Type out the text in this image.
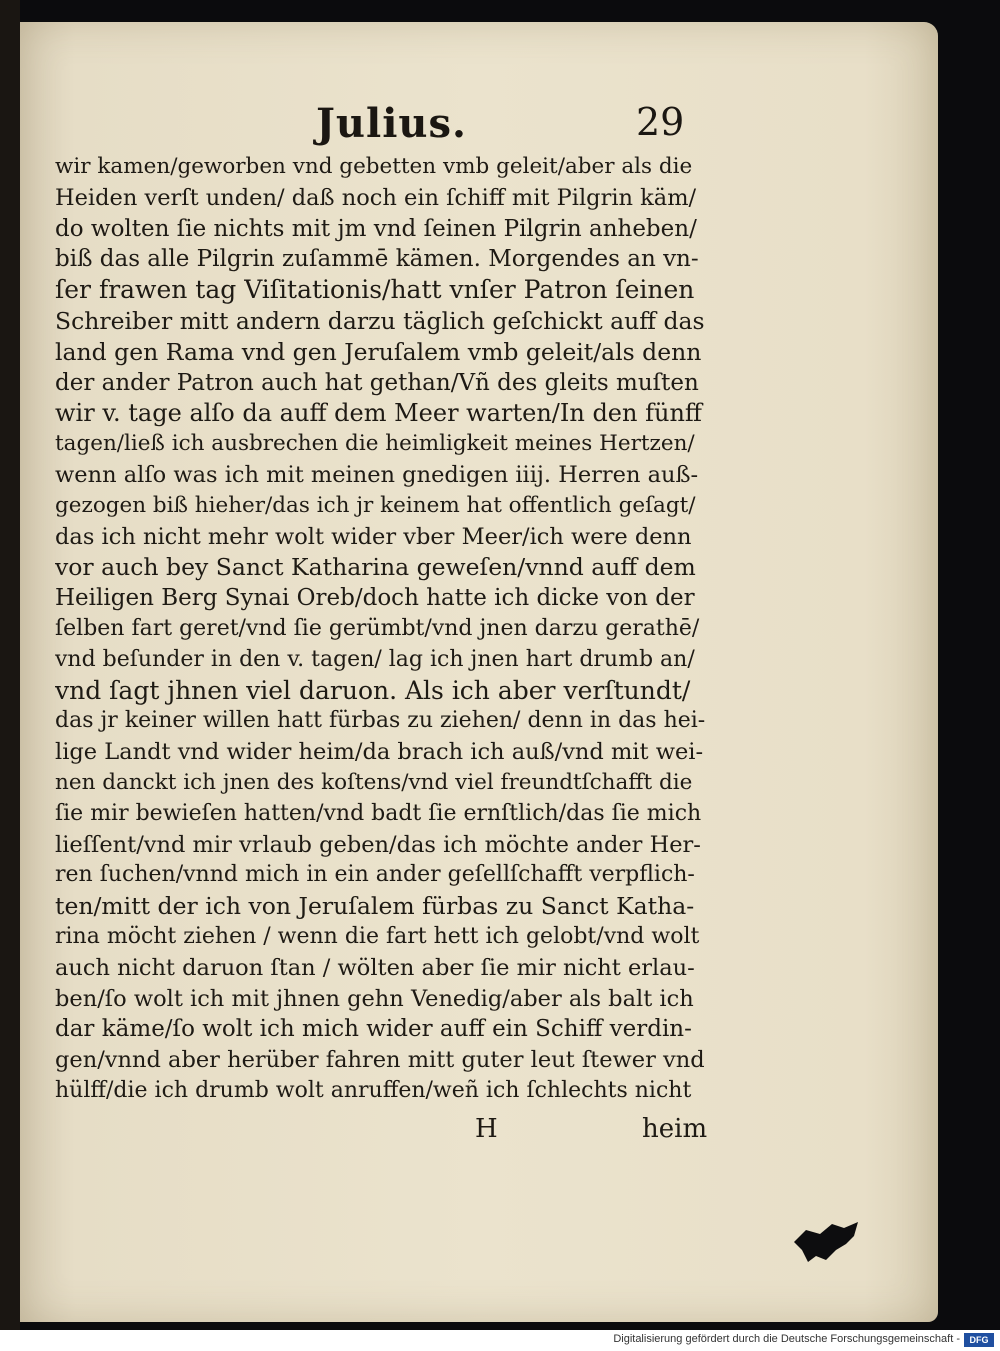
Julius.	29
wir kamen/geworben vnd gebetten vmb geleit/aber als die
Heiden verſt unden/ daß noch ein ſchiff mit Pilgrin käm/
do wolten ſie nichts mit jm vnd ſeinen Pilgrin anheben/
biß das alle Pilgrin zuſammē kämen. Morgendes an vn-
ſer frawen tag Viſitationis/hatt vnſer Patron ſeinen
Schreiber mitt andern darzu täglich geſchickt auff das
land gen Rama vnd gen Jeruſalem vmb geleit/als denn
der ander Patron auch hat gethan/Vñ des gleits muſten
wir v. tage alſo da auff dem Meer warten/In den fünff
tagen/ließ ich ausbrechen die heimligkeit meines Hertzen/
wenn alſo was ich mit meinen gnedigen iiij. Herren auß-
gezogen biß hieher/das ich jr keinem hat offentlich geſagt/
das ich nicht mehr wolt wider vber Meer/ich were denn
vor auch bey Sanct Katharina geweſen/vnnd auff dem
Heiligen Berg Synai Oreb/doch hatte ich dicke von der
ſelben fart geret/vnd ſie gerümbt/vnd jnen darzu gerathē/
vnd beſunder in den v. tagen/ lag ich jnen hart drumb an/
vnd ſagt jhnen viel daruon. Als ich aber verſtundt/
das jr keiner willen hatt fürbas zu ziehen/ denn in das hei-
lige Landt vnd wider heim/da brach ich auß/vnd mit wei-
nen danckt ich jnen des koſtens/vnd viel freundtſchafft die
ſie mir bewieſen hatten/vnd badt ſie ernſtlich/das ſie mich
lieſſent/vnd mir vrlaub geben/das ich möchte ander Her-
ren ſuchen/vnnd mich in ein ander geſellſchafft verpflich-
ten/mitt der ich von Jeruſalem fürbas zu Sanct Katha-
rina möcht ziehen / wenn die fart hett ich gelobt/vnd wolt
auch nicht daruon ſtan / wölten aber ſie mir nicht erlau-
ben/ſo wolt ich mit jhnen gehn Venedig/aber als balt ich
dar käme/ſo wolt ich mich wider auff ein Schiff verdin-
gen/vnnd aber herüber fahren mitt guter leut ſtewer vnd
hülff/die ich drumb wolt anruffen/weñ ich ſchlechts nicht
H	heim
Digitalisierung gefördert durch die Deutsche Forschungsgemeinschaft -	DFG
